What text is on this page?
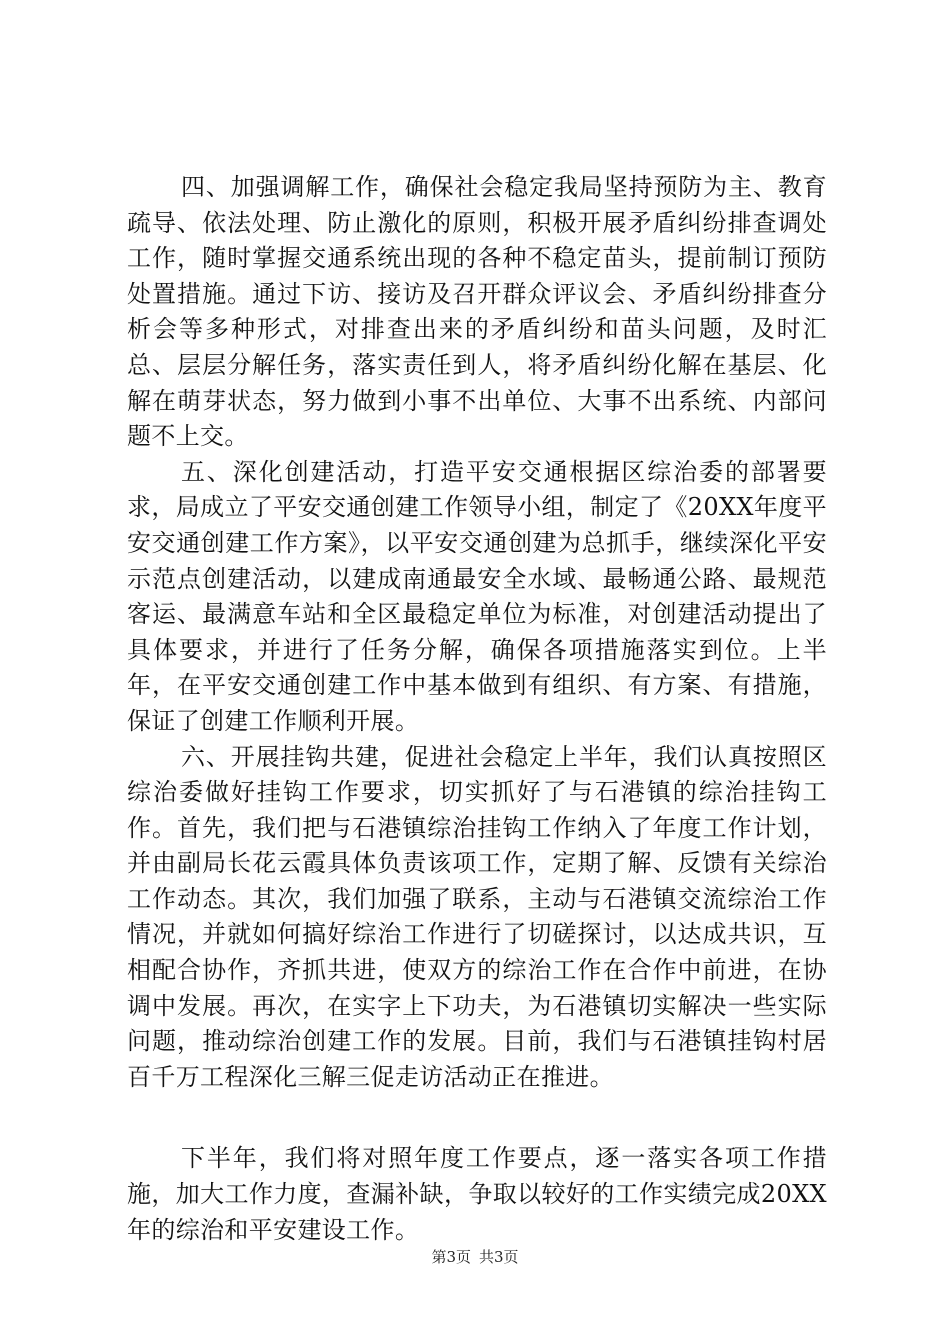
四、加强调解工作，确保社会稳定我局坚持预防为主、教育疏导、依法处理、防止激化的原则，积极开展矛盾纠纷排查调处工作，随时掌握交通系统出现的各种不稳定苗头，提前制订预防处置措施。通过下访、接访及召开群众评议会、矛盾纠纷排查分析会等多种形式，对排查出来的矛盾纠纷和苗头问题，及时汇总、层层分解任务，落实责任到人，将矛盾纠纷化解在基层、化解在萌芽状态，努力做到小事不出单位、大事不出系统、内部问题不上交。

五、深化创建活动，打造平安交通根据区综治委的部署要求，局成立了平安交通创建工作领导小组，制定了《20XX年度平安交通创建工作方案》，以平安交通创建为总抓手，继续深化平安示范点创建活动，以建成南通最安全水域、最畅通公路、最规范客运、最满意车站和全区最稳定单位为标准，对创建活动提出了具体要求，并进行了任务分解，确保各项措施落实到位。上半年，在平安交通创建工作中基本做到有组织、有方案、有措施，保证了创建工作顺利开展。

六、开展挂钩共建，促进社会稳定上半年，我们认真按照区综治委做好挂钩工作要求，切实抓好了与石港镇的综治挂钩工作。首先，我们把与石港镇综治挂钩工作纳入了年度工作计划，并由副局长花云霞具体负责该项工作，定期了解、反馈有关综治工作动态。其次，我们加强了联系，主动与石港镇交流综治工作情况，并就如何搞好综治工作进行了切磋探讨，以达成共识，互相配合协作，齐抓共进，使双方的综治工作在合作中前进，在协调中发展。再次，在实字上下功夫，为石港镇切实解决一些实际问题，推动综治创建工作的发展。目前，我们与石港镇挂钩村居百千万工程深化三解三促走访活动正在推进。

下半年，我们将对照年度工作要点，逐一落实各项工作措施，加大工作力度，查漏补缺，争取以较好的工作实绩完成20XX年的综治和平安建设工作。

第3页 共3页
